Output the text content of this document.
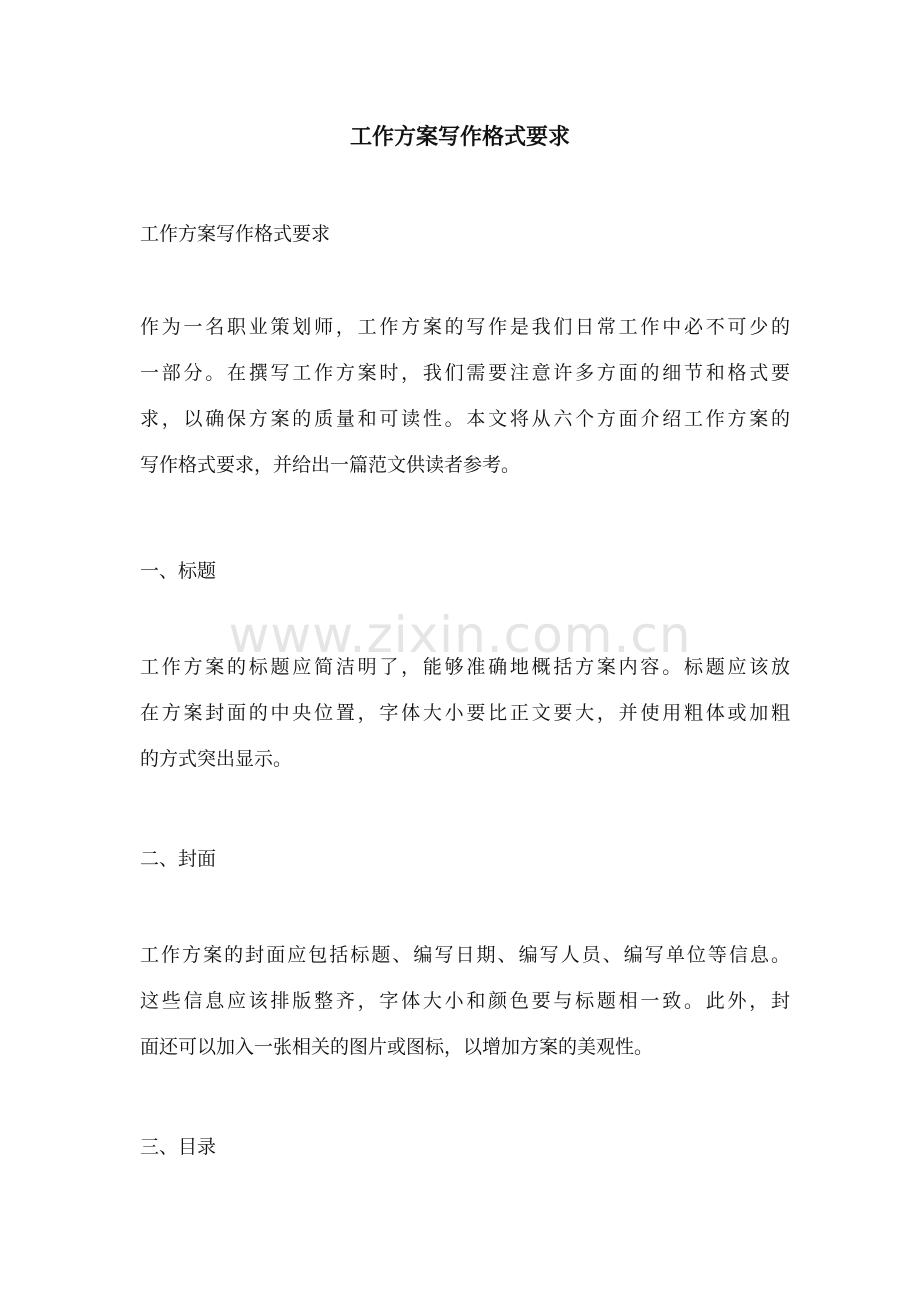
工作方案写作格式要求

工作方案写作格式要求

作为一名职业策划师，工作方案的写作是我们日常工作中必不可少的
一部分。在撰写工作方案时，我们需要注意许多方面的细节和格式要
求，以确保方案的质量和可读性。本文将从六个方面介绍工作方案的
写作格式要求，并给出一篇范文供读者参考。

一、标题

工作方案的标题应简洁明了，能够准确地概括方案内容。标题应该放
在方案封面的中央位置，字体大小要比正文要大，并使用粗体或加粗
的方式突出显示。

二、封面

工作方案的封面应包括标题、编写日期、编写人员、编写单位等信息。
这些信息应该排版整齐，字体大小和颜色要与标题相一致。此外，封
面还可以加入一张相关的图片或图标，以增加方案的美观性。

三、目录

www.zixin.com.cn
